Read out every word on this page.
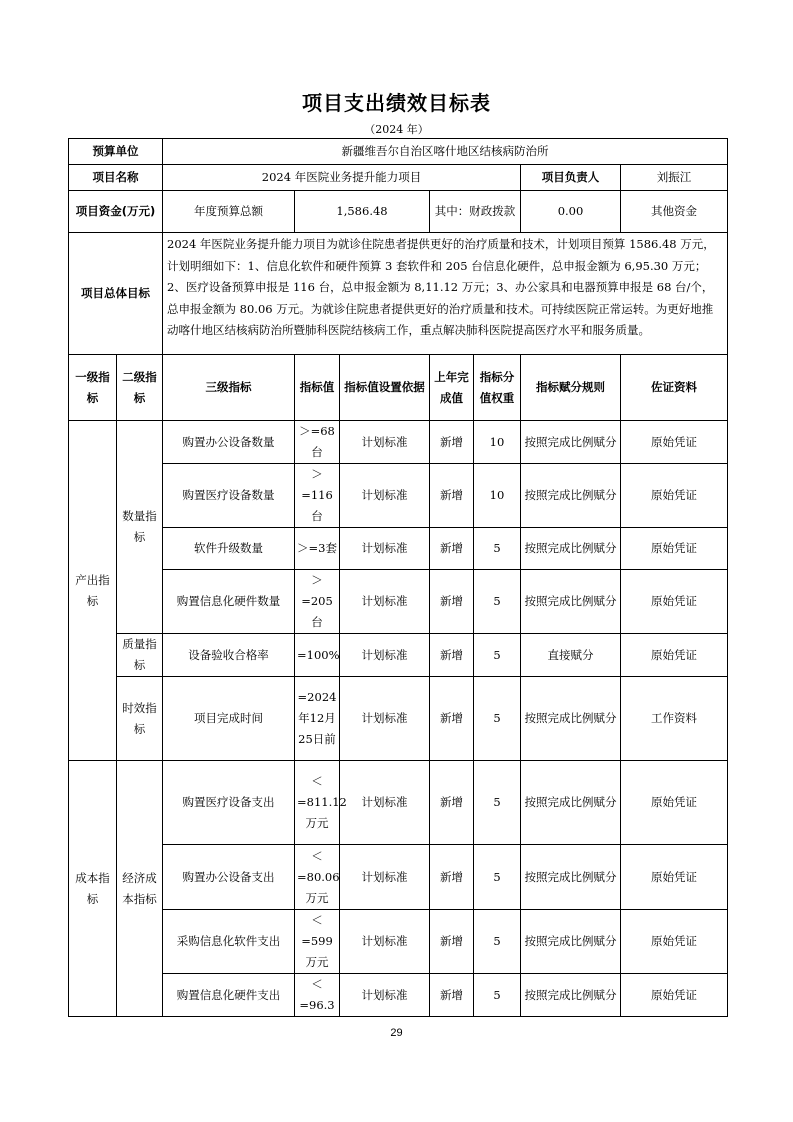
项目支出绩效目标表
（2024 年）
预算单位		新疆维吾尔自治区喀什地区结核病防治所						
项目名称		2024 年医院业务提升能力项目					项目负责人	刘振江
项目资金(万元)		年度预算总额	1,586.48		其中：财政拨款		0.00	其他资金
项目总体目标		2024 年医院业务提升能力项目为就诊住院患者提供更好的治疗质量和技术，计划项目预算 1586.48 万元，计划明细如下：1、信息化软件和硬件预算 3 套软件和 205 台信息化硬件，总申报金额为 6,95.30 万元；2、医疗设备预算申报是 116 台，总申报金额为 8,11.12 万元；3、办公家具和电器预算申报是 68 台/个，总申报金额为 80.06 万元。为就诊住院患者提供更好的治疗质量和技术。可持续医院正常运转。为更好地推动喀什地区结核病防治所暨肺科医院结核病工作，重点解决肺科医院提高医疗水平和服务质量。						
一级指标	二级指标	三级指标	指标值	指标值设置依据	上年完成值	指标分值权重	指标赋分规则	佐证资料
产出指标	数量指标	购置办公设备数量	＞=68台	计划标准	新增	10	按照完成比例赋分	原始凭证
		购置医疗设备数量	＞=116台	计划标准	新增	10	按照完成比例赋分	原始凭证
		软件升级数量	＞=3套	计划标准	新增	5	按照完成比例赋分	原始凭证
		购置信息化硬件数量	＞=205台	计划标准	新增	5	按照完成比例赋分	原始凭证
	质量指标	设备验收合格率	=100%	计划标准	新增	5	直接赋分	原始凭证
	时效指标	项目完成时间	=2024年12月25日前	计划标准	新增	5	按照完成比例赋分	工作资料
成本指标	经济成本指标	购置医疗设备支出	＜=811.12万元	计划标准	新增	5	按照完成比例赋分	原始凭证
		购置办公设备支出	＜=80.06万元	计划标准	新增	5	按照完成比例赋分	原始凭证
		采购信息化软件支出	＜=599万元	计划标准	新增	5	按照完成比例赋分	原始凭证
		购置信息化硬件支出	＜=96.3	计划标准	新增	5	按照完成比例赋分	原始凭证
29
